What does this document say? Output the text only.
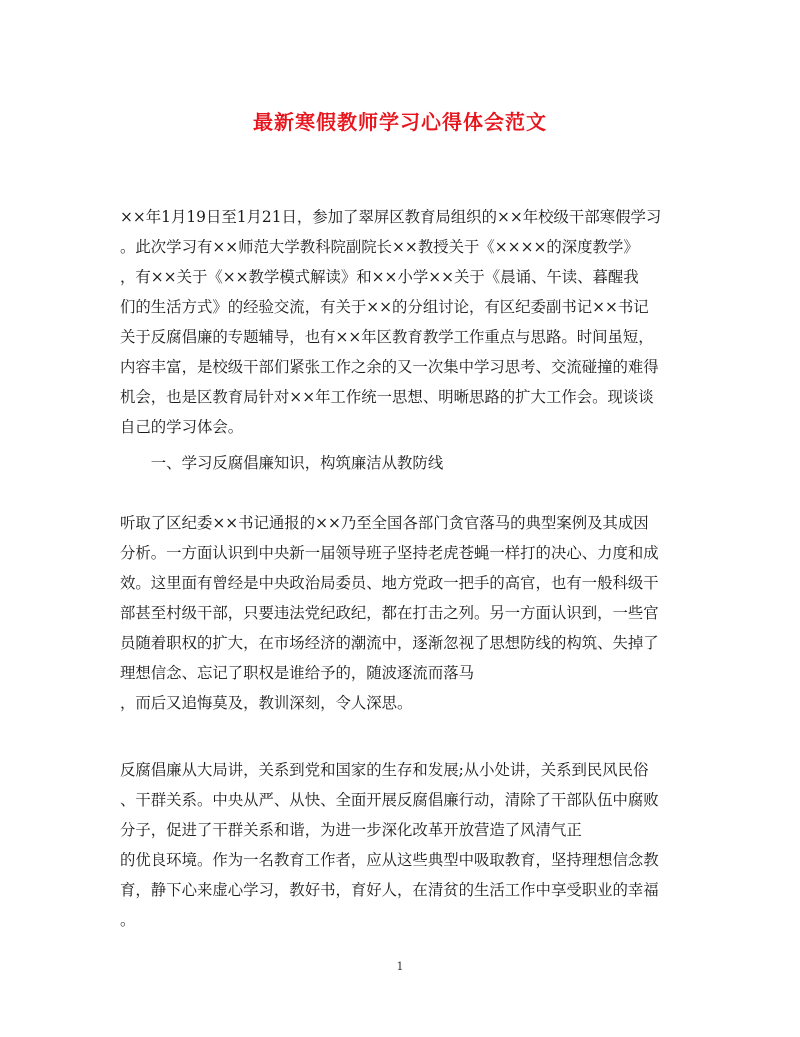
最新寒假教师学习心得体会范文
××年1月19日至1月21日，参加了翠屏区教育局组织的××年校级干部寒假学习
。此次学习有××师范大学教科院副院长××教授关于《××××的深度教学》
，有××关于《××教学模式解读》和××小学××关于《晨诵、午读、暮醒我
们的生活方式》的经验交流，有关于××的分组讨论，有区纪委副书记××书记
关于反腐倡廉的专题辅导，也有××年区教育教学工作重点与思路。时间虽短，
内容丰富，是校级干部们紧张工作之余的又一次集中学习思考、交流碰撞的难得
机会，也是区教育局针对××年工作统一思想、明晰思路的扩大工作会。现谈谈
自己的学习体会。
　　一、学习反腐倡廉知识，构筑廉洁从教防线
听取了区纪委××书记通报的××乃至全国各部门贪官落马的典型案例及其成因
分析。一方面认识到中央新一届领导班子坚持老虎苍蝇一样打的决心、力度和成
效。这里面有曾经是中央政治局委员、地方党政一把手的高官，也有一般科级干
部甚至村级干部，只要违法党纪政纪，都在打击之列。另一方面认识到，一些官
员随着职权的扩大，在市场经济的潮流中，逐渐忽视了思想防线的构筑、失掉了
理想信念、忘记了职权是谁给予的，随波逐流而落马
，而后又追悔莫及，教训深刻，令人深思。
反腐倡廉从大局讲，关系到党和国家的生存和发展;从小处讲，关系到民风民俗
、干群关系。中央从严、从快、全面开展反腐倡廉行动，清除了干部队伍中腐败
分子，促进了干群关系和谐，为进一步深化改革开放营造了风清气正
的优良环境。作为一名教育工作者，应从这些典型中吸取教育，坚持理想信念教
育，静下心来虚心学习，教好书，育好人，在清贫的生活工作中享受职业的幸福
。
1
